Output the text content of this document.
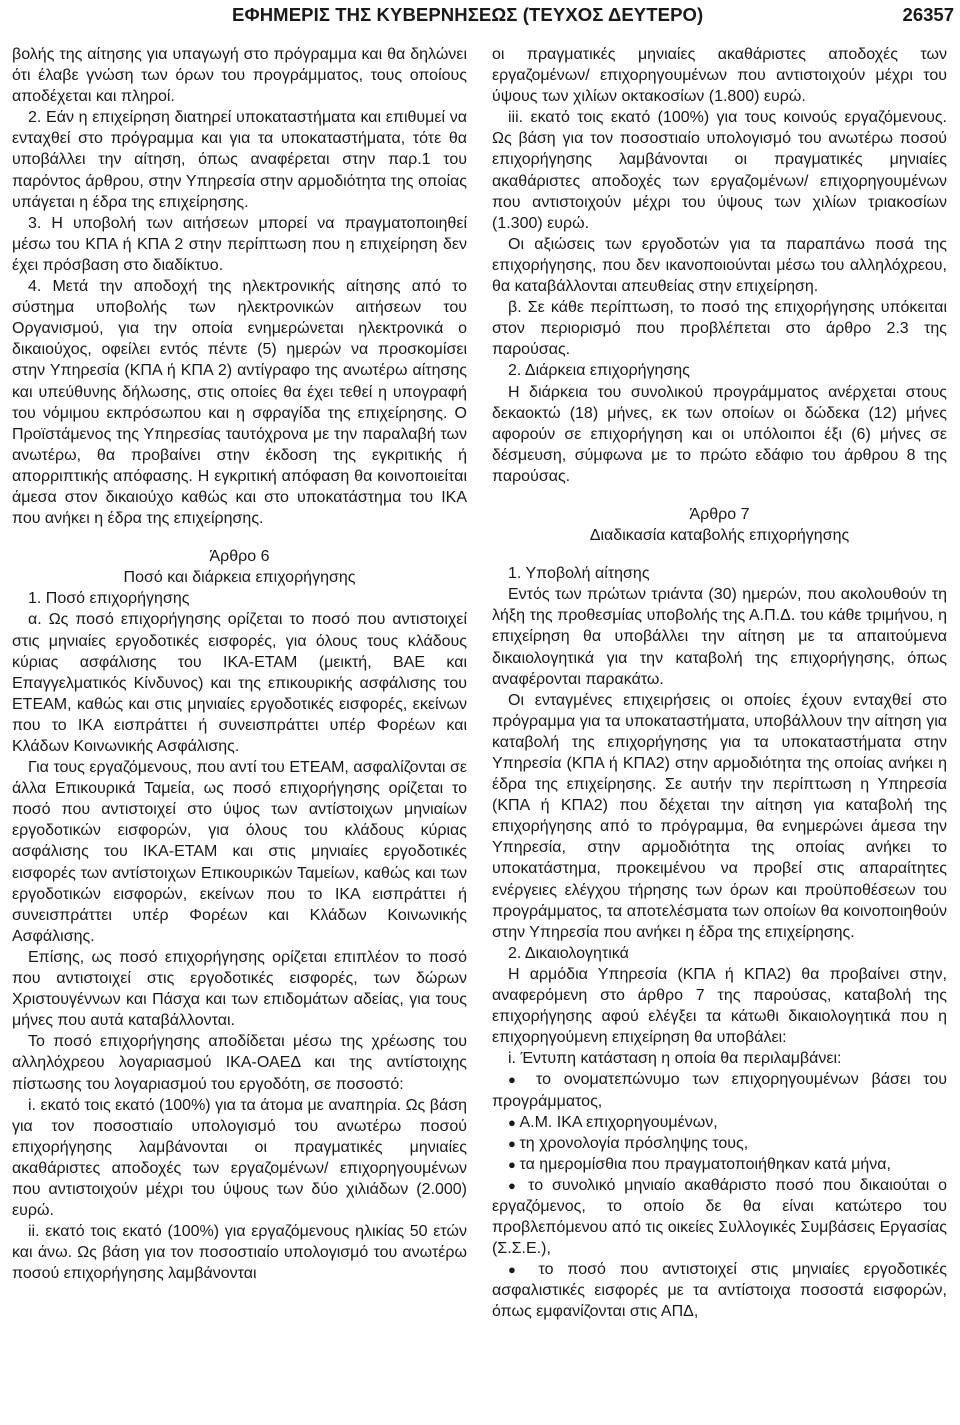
ΕΦΗΜΕΡΙΣ ΤΗΣ ΚΥΒΕΡΝΗΣΕΩΣ (ΤΕΥΧΟΣ ΔΕΥΤΕΡΟ)	26357

βολής της αίτησης για υπαγωγή στο πρόγραμμα και θα δηλώνει ότι έλαβε γνώση των όρων του προγράμματος, τους οποίους αποδέχεται και πληροί.

2. Εάν η επιχείρηση διατηρεί υποκαταστήματα και επιθυμεί να ενταχθεί στο πρόγραμμα και για τα υποκαταστήματα, τότε θα υποβάλλει την αίτηση, όπως αναφέρεται στην παρ.1 του παρόντος άρθρου, στην Υπηρεσία στην αρμοδιότητα της οποίας υπάγεται η έδρα της επιχείρησης.

3. Η υποβολή των αιτήσεων μπορεί να πραγματοποιηθεί μέσω του ΚΠΑ ή ΚΠΑ 2 στην περίπτωση που η επιχείρηση δεν έχει πρόσβαση στο διαδίκτυο.

4. Μετά την αποδοχή της ηλεκτρονικής αίτησης από το σύστημα υποβολής των ηλεκτρονικών αιτήσεων του Οργανισμού, για την οποία ενημερώνεται ηλεκτρονικά ο δικαιούχος, οφείλει εντός πέντε (5) ημερών να προσκομίσει στην Υπηρεσία (ΚΠΑ ή ΚΠΑ 2) αντίγραφο της ανωτέρω αίτησης και υπεύθυνης δήλωσης, στις οποίες θα έχει τεθεί η υπογραφή του νόμιμου εκπρόσωπου και η σφραγίδα της επιχείρησης. Ο Προϊστάμενος της Υπηρεσίας ταυτόχρονα με την παραλαβή των ανωτέρω, θα προβαίνει στην έκδοση της εγκριτικής ή απορριπτικής απόφασης. Η εγκριτική απόφαση θα κοινοποιείται άμεσα στον δικαιούχο καθώς και στο υποκατάστημα του ΙΚΑ που ανήκει η έδρα της επιχείρησης.

Άρθρο 6

Ποσό και διάρκεια επιχορήγησης

1. Ποσό επιχορήγησης

α. Ως ποσό επιχορήγησης ορίζεται το ποσό που αντιστοιχεί στις μηνιαίες εργοδοτικές εισφορές, για όλους τους κλάδους κύριας ασφάλισης του ΙΚΑ-ΕΤΑΜ (μεικτή, ΒΑΕ και Επαγγελματικός Κίνδυνος) και της επικουρικής ασφάλισης του ΕΤΕΑΜ, καθώς και στις μηνιαίες εργοδοτικές εισφορές, εκείνων που το ΙΚΑ εισπράττει ή συνεισπράττει υπέρ Φορέων και Κλάδων Κοινωνικής Ασφάλισης.

Για τους εργαζόμενους, που αντί του ΕΤΕΑΜ, ασφαλίζονται σε άλλα Επικουρικά Ταμεία, ως ποσό επιχορήγησης ορίζεται το ποσό που αντιστοιχεί στο ύψος των αντίστοιχων μηνιαίων εργοδοτικών εισφορών, για όλους του κλάδους κύριας ασφάλισης του ΙΚΑ-ΕΤΑΜ και στις μηνιαίες εργοδοτικές εισφορές των αντίστοιχων Επικουρικών Ταμείων, καθώς και των εργοδοτικών εισφορών, εκείνων που το ΙΚΑ εισπράττει ή συνεισπράττει υπέρ Φορέων και Κλάδων Κοινωνικής Ασφάλισης.

Επίσης, ως ποσό επιχορήγησης ορίζεται επιπλέον το ποσό που αντιστοιχεί στις εργοδοτικές εισφορές, των δώρων Χριστουγέννων και Πάσχα και των επιδομάτων αδείας, για τους μήνες που αυτά καταβάλλονται.

Το ποσό επιχορήγησης αποδίδεται μέσω της χρέωσης του αλληλόχρεου λογαριασμού ΙΚΑ-ΟΑΕΔ και της αντίστοιχης πίστωσης του λογαριασμού του εργοδότη, σε ποσοστό:

i. εκατό τοις εκατό (100%) για τα άτομα με αναπηρία. Ως βάση για τον ποσοστιαίο υπολογισμό του ανωτέρω ποσού επιχορήγησης λαμβάνονται οι πραγματικές μηνιαίες ακαθάριστες αποδοχές των εργαζομένων/ επιχορηγουμένων που αντιστοιχούν μέχρι του ύψους των δύο χιλιάδων (2.000) ευρώ.

ii. εκατό τοις εκατό (100%) για εργαζόμενους ηλικίας 50 ετών και άνω. Ως βάση για τον ποσοστιαίο υπολογισμό του ανωτέρω ποσού επιχορήγησης λαμβάνονται

οι πραγματικές μηνιαίες ακαθάριστες αποδοχές των εργαζομένων/ επιχορηγουμένων που αντιστοιχούν μέχρι του ύψους των χιλίων οκτακοσίων (1.800) ευρώ.

iii. εκατό τοις εκατό (100%) για τους κοινούς εργαζόμενους. Ως βάση για τον ποσοστιαίο υπολογισμό του ανωτέρω ποσού επιχορήγησης λαμβάνονται οι πραγματικές μηνιαίες ακαθάριστες αποδοχές των εργαζομένων/ επιχορηγουμένων που αντιστοιχούν μέχρι του ύψους των χιλίων τριακοσίων (1.300) ευρώ.

Οι αξιώσεις των εργοδοτών για τα παραπάνω ποσά της επιχορήγησης, που δεν ικανοποιούνται μέσω του αλληλόχρεου, θα καταβάλλονται απευθείας στην επιχείρηση.

β. Σε κάθε περίπτωση, το ποσό της επιχορήγησης υπόκειται στον περιορισμό που προβλέπεται στο άρθρο 2.3 της παρούσας.

2. Διάρκεια επιχορήγησης

Η διάρκεια του συνολικού προγράμματος ανέρχεται στους δεκαοκτώ (18) μήνες, εκ των οποίων οι δώδεκα (12) μήνες αφορούν σε επιχορήγηση και οι υπόλοιποι έξι (6) μήνες σε δέσμευση, σύμφωνα με το πρώτο εδάφιο του άρθρου 8 της παρούσας.

Άρθρο 7

Διαδικασία καταβολής επιχορήγησης

1. Υποβολή αίτησης

Εντός των πρώτων τριάντα (30) ημερών, που ακολουθούν τη λήξη της προθεσμίας υποβολής της Α.Π.Δ. του κάθε τριμήνου, η επιχείρηση θα υποβάλλει την αίτηση με τα απαιτούμενα δικαιολογητικά για την καταβολή της επιχορήγησης, όπως αναφέρονται παρακάτω.

Οι ενταγμένες επιχειρήσεις οι οποίες έχουν ενταχθεί στο πρόγραμμα για τα υποκαταστήματα, υποβάλλουν την αίτηση για καταβολή της επιχορήγησης για τα υποκαταστήματα στην Υπηρεσία (ΚΠΑ ή ΚΠΑ2) στην αρμοδιότητα της οποίας ανήκει η έδρα της επιχείρησης. Σε αυτήν την περίπτωση η Υπηρεσία (ΚΠΑ ή ΚΠΑ2) που δέχεται την αίτηση για καταβολή της επιχορήγησης από το πρόγραμμα, θα ενημερώνει άμεσα την Υπηρεσία, στην αρμοδιότητα της οποίας ανήκει το υποκατάστημα, προκειμένου να προβεί στις απαραίτητες ενέργειες ελέγχου τήρησης των όρων και προϋποθέσεων του προγράμματος, τα αποτελέσματα των οποίων θα κοινοποιηθούν στην Υπηρεσία που ανήκει η έδρα της επιχείρησης.

2. Δικαιολογητικά

Η αρμόδια Υπηρεσία (ΚΠΑ ή ΚΠΑ2) θα προβαίνει στην, αναφερόμενη στο άρθρο 7 της παρούσας, καταβολή της επιχορήγησης αφού ελέγξει τα κάτωθι δικαιολογητικά που η επιχορηγούμενη επιχείρηση θα υποβάλει:

i. Έντυπη κατάσταση η οποία θα περιλαμβάνει:

● το ονοματεπώνυμο των επιχορηγουμένων βάσει του προγράμματος,

● Α.Μ. ΙΚΑ επιχορηγουμένων,

● τη χρονολογία πρόσληψης τους,

● τα ημερομίσθια που πραγματοποιήθηκαν κατά μήνα,

● το συνολικό μηνιαίο ακαθάριστο ποσό που δικαιούται ο εργαζόμενος, το οποίο δε θα είναι κατώτερο του προβλεπόμενου από τις οικείες Συλλογικές Συμβάσεις Εργασίας (Σ.Σ.Ε.),

● το ποσό που αντιστοιχεί στις μηνιαίες εργοδοτικές ασφαλιστικές εισφορές με τα αντίστοιχα ποσοστά εισφορών, όπως εμφανίζονται στις ΑΠΔ,
